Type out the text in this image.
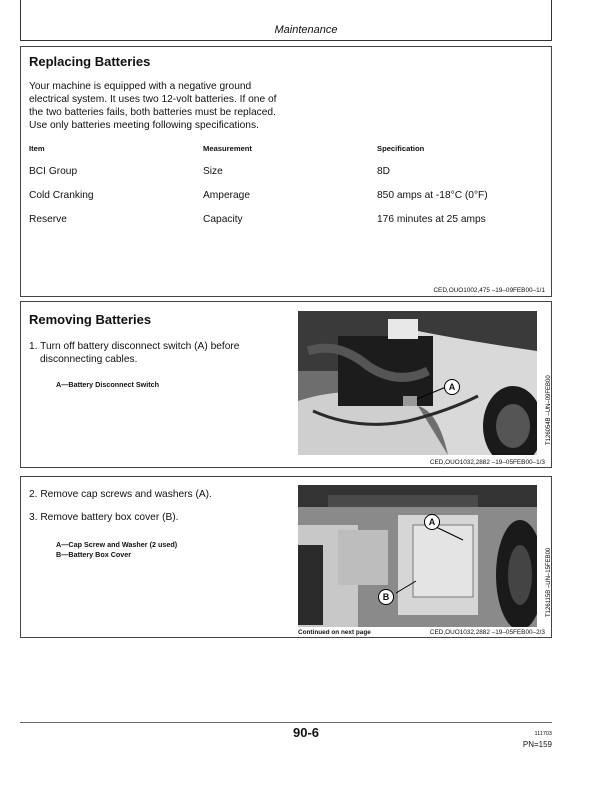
Maintenance
Replacing Batteries
Your machine is equipped with a negative ground
electrical system. It uses two 12-volt batteries. If one of
the two batteries fails, both batteries must be replaced.
Use only batteries meeting following specifications.
Item	Measurement	Specification
BCI Group	Size	8D
Cold Cranking	Amperage	850 amps at -18°C (0°F)
Reserve	Capacity	176 minutes at 25 amps
CED,OUO1002,475 –19–09FEB00–1/1
Removing Batteries
1. Turn off battery disconnect switch (A) before
disconnecting cables.
A—Battery Disconnect Switch	A	T126054B –UN–09FEB00
CED,OUO1032,2882 –19–05FEB00–1/3
2. Remove cap screws and washers (A).
3. Remove battery box cover (B).
A—Cap Screw and Washer (2 used)
B—Battery Box Cover
A
B	T126115B –UN–15FEB00
Continued on next page	CED,OUO1032,2882 –19–05FEB00–2/3
90-6	111703
PN=159
